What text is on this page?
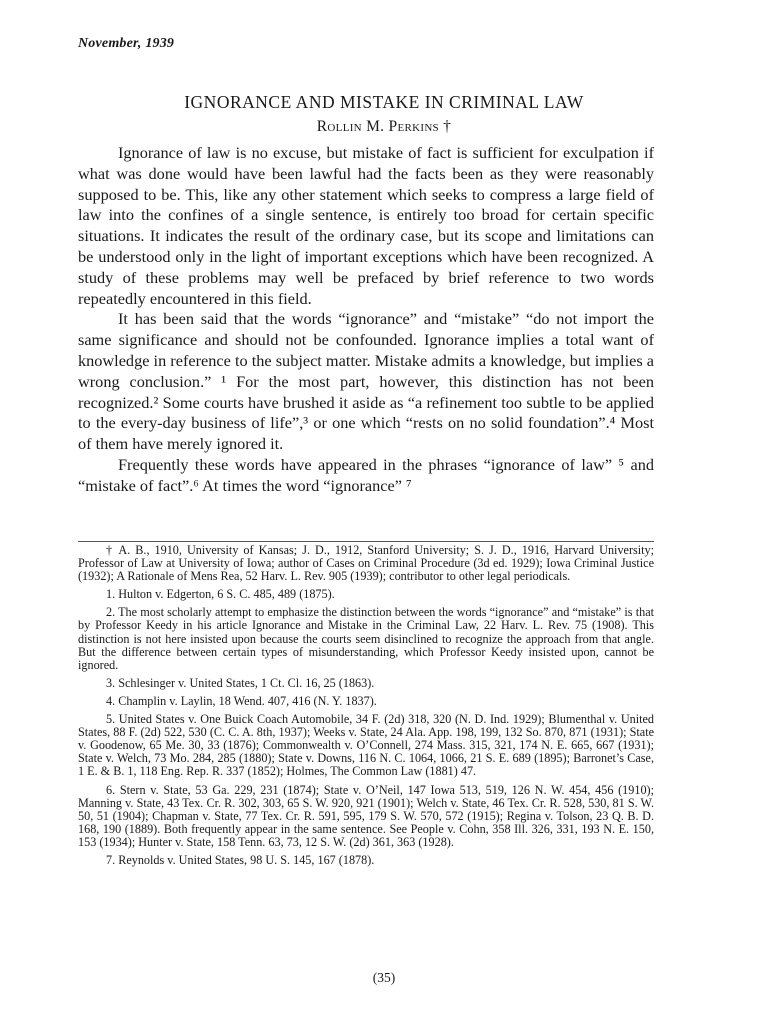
November, 1939
IGNORANCE AND MISTAKE IN CRIMINAL LAW
Rollin M. Perkins †

Ignorance of law is no excuse, but mistake of fact is sufficient for exculpation if what was done would have been lawful had the facts been as they were reasonably supposed to be. This, like any other statement which seeks to compress a large field of law into the confines of a single sentence, is entirely too broad for certain specific situations. It indicates the result of the ordinary case, but its scope and limitations can be understood only in the light of important exceptions which have been recognized. A study of these problems may well be prefaced by brief reference to two words repeatedly encountered in this field.

It has been said that the words “ignorance” and “mistake” “do not import the same significance and should not be confounded. Ignorance implies a total want of knowledge in reference to the subject matter. Mistake admits a knowledge, but implies a wrong conclusion.” ¹ For the most part, however, this distinction has not been recognized.² Some courts have brushed it aside as “a refinement too subtle to be applied to the every-day business of life”,³ or one which “rests on no solid foundation”.⁴ Most of them have merely ignored it.

Frequently these words have appeared in the phrases “ignorance of law” ⁵ and “mistake of fact”.⁶ At times the word “ignorance” ⁷

† A. B., 1910, University of Kansas; J. D., 1912, Stanford University; S. J. D., 1916, Harvard University; Professor of Law at University of Iowa; author of Cases on Criminal Procedure (3d ed. 1929); Iowa Criminal Justice (1932); A Rationale of Mens Rea, 52 Harv. L. Rev. 905 (1939); contributor to other legal periodicals.

1. Hulton v. Edgerton, 6 S. C. 485, 489 (1875).

2. The most scholarly attempt to emphasize the distinction between the words “ignorance” and “mistake” is that by Professor Keedy in his article Ignorance and Mistake in the Criminal Law, 22 Harv. L. Rev. 75 (1908). This distinction is not here insisted upon because the courts seem disinclined to recognize the approach from that angle. But the difference between certain types of misunderstanding, which Professor Keedy insisted upon, cannot be ignored.

3. Schlesinger v. United States, 1 Ct. Cl. 16, 25 (1863).

4. Champlin v. Laylin, 18 Wend. 407, 416 (N. Y. 1837).

5. United States v. One Buick Coach Automobile, 34 F. (2d) 318, 320 (N. D. Ind. 1929); Blumenthal v. United States, 88 F. (2d) 522, 530 (C. C. A. 8th, 1937); Weeks v. State, 24 Ala. App. 198, 199, 132 So. 870, 871 (1931); State v. Goodenow, 65 Me. 30, 33 (1876); Commonwealth v. O’Connell, 274 Mass. 315, 321, 174 N. E. 665, 667 (1931); State v. Welch, 73 Mo. 284, 285 (1880); State v. Downs, 116 N. C. 1064, 1066, 21 S. E. 689 (1895); Barronet’s Case, 1 E. & B. 1, 118 Eng. Rep. R. 337 (1852); Holmes, The Common Law (1881) 47.

6. Stern v. State, 53 Ga. 229, 231 (1874); State v. O’Neil, 147 Iowa 513, 519, 126 N. W. 454, 456 (1910); Manning v. State, 43 Tex. Cr. R. 302, 303, 65 S. W. 920, 921 (1901); Welch v. State, 46 Tex. Cr. R. 528, 530, 81 S. W. 50, 51 (1904); Chapman v. State, 77 Tex. Cr. R. 591, 595, 179 S. W. 570, 572 (1915); Regina v. Tolson, 23 Q. B. D. 168, 190 (1889). Both frequently appear in the same sentence. See People v. Cohn, 358 Ill. 326, 331, 193 N. E. 150, 153 (1934); Hunter v. State, 158 Tenn. 63, 73, 12 S. W. (2d) 361, 363 (1928).

7. Reynolds v. United States, 98 U. S. 145, 167 (1878).

(35)
